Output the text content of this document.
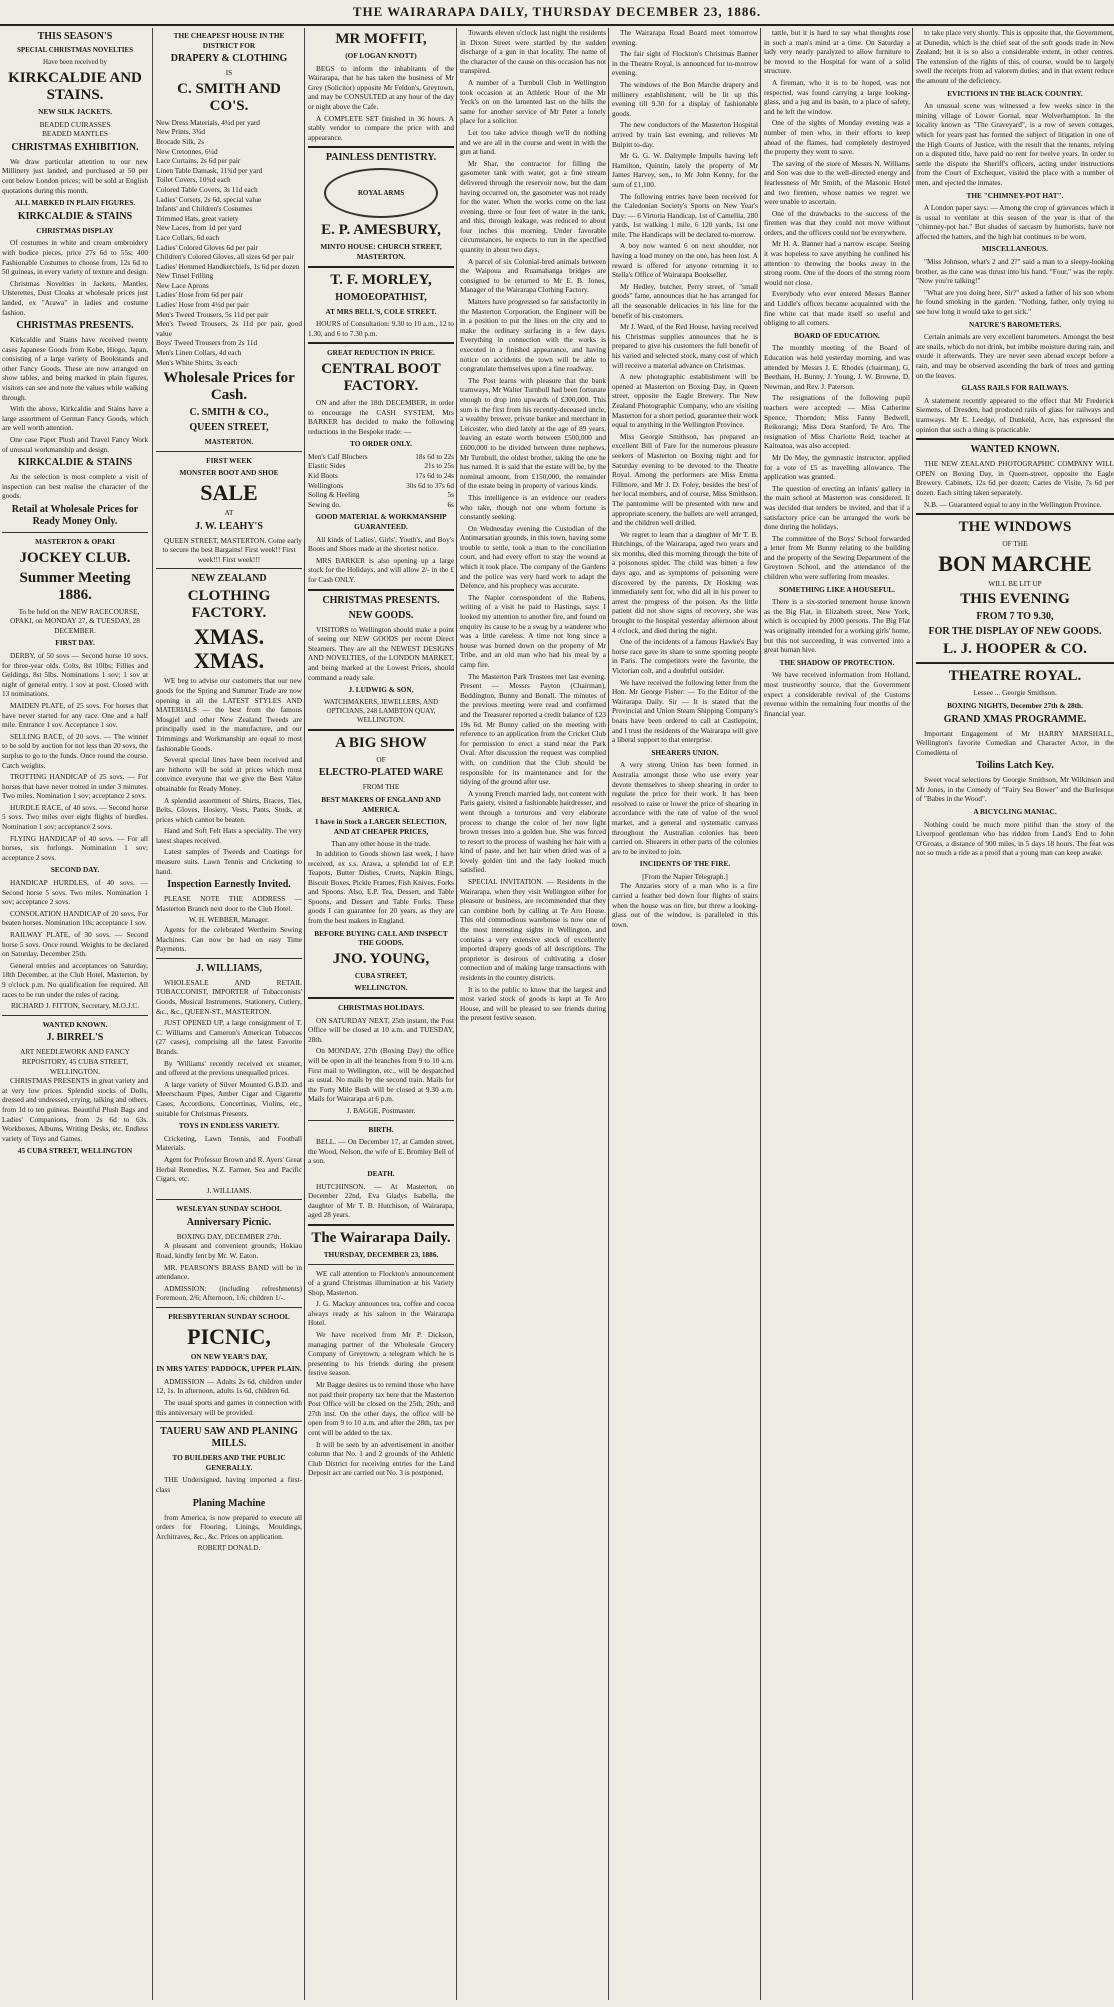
THE WAIRARAPA DAILY, THURSDAY DECEMBER 23, 1886.
THIS SEASON'S
SPECIAL CHRISTMAS NOVELTIES
Have been received by
KIRKCALDIE AND STAINS.
NEW SILK JACKETS.
BEADED CUIRASSES
BEADED MANTLES
CHRISTMAS EXHIBITION.

We draw particular attention to our new Millinery just landed, and purchased at 50 per cent below London prices; will be sold at English quotations during this month.

ALL MARKED IN PLAIN FIGURES.
KIRKCALDIE & STAINS
CHRISTMAS DISPLAY

Of costumes in white and cream embroidery with bodice pieces, price 27s 6d to 55s; 400 Fashionable Costumes to choose from, 12s 6d to 50 guineas, in every variety of texture and design.

Christmas Novelties in Jackets, Mantles, Ulsterettes, Dust Cloaks at wholesale prices just landed, ex "Arawa" in ladies and costume fashion.

CHRISTMAS PRESENTS.

Kirkcaldie and Stains have received twenty cases Japanese Goods from Kobe, Hiogo, Japan, consisting of a large variety of Bookstands and other Fancy Goods. These are now arranged on show tables, and being marked in plain figures, visitors can see and note the values while walking through.

With the above, Kirkcaldie and Stains have a large assortment of German Fancy Goods, which are well worth attention.

One case Paper Plush and Travel Fancy Work of unusual workmanship and design.

KIRKCALDIE & STAINS

As the selection is most complete a visit of inspection can best realise the character of the goods.

Retail at Wholesale Prices for Ready Money Only.
MASTERTON & OPAKI
JOCKEY CLUB.
Summer Meeting 1886.

To be held on the NEW RACECOURSE, OPAKI, on MONDAY 27, & TUESDAY, 28 DECEMBER.

FIRST DAY.

DERBY, of 50 sovs — Second horse 10 sovs, for three-year olds. Colts, 8st 10lbs; Fillies and Geldings, 8st 5lbs. Nominations 1 sov; 1 sov at night of general entry. 1 sov at post. Closed with 13 nominations.

MAIDEN PLATE, of 25 sovs. For horses that have never started for any race. One and a half mile. Entrance 1 sov. Acceptance 1 sov.

SELLING RACE, of 20 sovs. — The winner to be sold by auction for not less than 20 sovs, the surplus to go to the funds. Once round the course. Catch weights.

TROTTING HANDICAP of 25 sovs. — For horses that have never trotted in under 3 minutes. Two miles. Nomination 1 sov; acceptance 2 sovs.

HURDLE RACE, of 40 sovs. — Second horse 5 sovs. Two miles over eight flights of hurdles. Nomination 1 sov; acceptance 2 sovs.

FLYING HANDICAP of 40 sovs. — For all horses, six furlongs. Nomination 1 sov; acceptance 2 sovs.

SECOND DAY.

HANDICAP HURDLES, of 40 sovs. — Second horse 5 sovs. Two miles. Nomination 1 sov; acceptance 2 sovs.

CONSOLATION HANDICAP of 20 sovs. For beaten horses. Nomination 10s; acceptance 1 sov.

RAILWAY PLATE, of 30 sovs. — Second horse 5 sovs. Once round. Weights to be declared on Saturday, December 25th.

General entries and acceptances on Saturday, 18th December, at the Club Hotel, Masterton, by 9 o'clock p.m. No qualification fee required. All races to be run under the rules of racing.

RICHARD J. FITTON, Secretary, M.O.J.C.
WANTED KNOWN.
J. BIRREL'S
ART NEEDLEWORK AND FANCY REPOSITORY, 45 CUBA STREET, WELLINGTON.

CHRISTMAS PRESENTS in great variety and at very low prices. Splendid stocks of Dolls, dressed and undressed, crying, talking and others, from 1d to ten guineas. Beautiful Plush Bags and Ladies' Companions, from 2s 6d to 63s. Workboxes, Albums, Writing Desks, etc. Endless variety of Toys and Games.

45 CUBA STREET, WELLINGTON
THE CHEAPEST HOUSE IN THE DISTRICT FOR
DRAPERY & CLOTHING
IS
C. SMITH AND CO'S.
New Dress Materials, 4¾d per yard
New Prints, 3¾d
Brocade Silk, 2s
New Cretonnes, 6¼d
Lace Curtains, 2s 6d per pair
Linen Table Damask, 11¾d per yard
Toilet Covers, 10¾d each
Colored Table Covers, 3s 11d each
Ladies' Corsets, 2s 6d, special value
Infants' and Children's Costumes
Trimmed Hats, great variety
New Laces, from 1d per yard
Lace Collars, 6d each
Ladies' Colored Gloves 6d per pair
Children's Colored Gloves, all sizes 6d per pair
Ladies' Hemmed Handkerchiefs, 1s 6d per dozen
New Tinsel Frilling
New Lace Aprons
Ladies' Hose from 6d per pair
Ladies' Hose from 4½d per pair
Men's Tweed Trousers, 5s 11d per pair
Men's Tweed Trousers, 2s 11d per pair, good value
Boys' Tweed Trousers from 2s 11d
Men's Linen Collars, 4d each
Men's White Shirts, 3s each
Wholesale Prices for Cash.
C. SMITH & CO.,
QUEEN STREET,
MASTERTON.
FIRST WEEK
MONSTER BOOT AND SHOE
SALE
AT
J. W. LEAHY'S

QUEEN STREET, MASTERTON. Come early to secure the best Bargains! First week!! First week!!! First week!!!

NEW ZEALAND
CLOTHING FACTORY.
XMAS. XMAS.

WE beg to advise our customers that our new goods for the Spring and Summer Trade are now opening in all the LATEST STYLES AND MATERIALS — the best from the famous Mosgiel and other New Zealand Tweeds are principally used in the manufacture, and our Trimmings and Workmanship are equal to most fashionable Goods.

Several special lines have been received and are hitherto will be sold at prices which must convince everyone that we give the Best Value obtainable for Ready Money.

A splendid assortment of Shirts, Braces, Ties, Belts, Gloves, Hosiery, Vests, Pants, Studs, at prices which cannot be beaten.

Hand and Soft Felt Hats a speciality. The very latest shapes received.

Latest samples of Tweeds and Coatings for measure suits. Lawn Tennis and Cricketing to hand.

Inspection Earnestly Invited.

PLEASE NOTE THE ADDRESS — Masterton Branch next door to the Club Hotel.

W. H. WEBBER, Manager.

Agents for the celebrated Wertheim Sewing Machines. Can now be had on easy Time Payments.

J. WILLIAMS,

WHOLESALE AND RETAIL TOBACCONIST, IMPORTER of Tobacconists' Goods, Musical Instruments, Stationery, Cutlery, &c., &c., QUEEN-ST., MASTERTON.

JUST OPENED UP, a large consignment of T. C. Williams and Cameron's American Tobaccos (27 cases), comprising all the latest Favorite Brands.

By 'Williams' recently received ex steamer, and offered at the previous unequalled prices.

A large variety of Silver Mounted G.B.D. and Meerschaum Pipes, Amber Cigar and Cigarette Cases, Accordions, Concertinas, Violins, etc., suitable for Christmas Presents.

TOYS IN ENDLESS VARIETY.

Cricketing, Lawn Tennis, and Football Materials.

Agent for Professor Brown and R. Ayers' Great Herbal Remedies, N.Z. Farmer, Sea and Pacific Cigars, etc.

J. WILLIAMS.
WESLEYAN SUNDAY SCHOOL
Anniversary Picnic.
BOXING DAY, DECEMBER 27th.

A pleasant and convenient grounds, Hokiau Road, kindly lent by Mr. W. Eaton.

MR. PEARSON'S BRASS BAND will be in attendance.

ADMISSION: (including refreshments) Foremoon, 2/6; Afternoon, 1/6; children 1/-.

PRESBYTERIAN SUNDAY SCHOOL
PICNIC,
ON NEW YEAR'S DAY,
IN MRS YATES' PADDOCK, UPPER PLAIN.

ADMISSION — Adults 2s 6d, children under 12, 1s. In afternoon, adults 1s 6d, children 6d.

The usual sports and games in connection with this anniversary will be provided.

TAUERU SAW AND PLANING MILLS.
TO BUILDERS AND THE PUBLIC GENERALLY.

THE Undersigned, having imported a first-class

Planing Machine

from America, is now prepared to execute all orders for Flooring, Linings, Mouldings, Architraves, &c., &c. Prices on application.

ROBERT DONALD.
MR MOFFIT,
(OF LOGAN KNOTT)

BEGS to inform the inhabitants of the Wairarapa, that he has taken the business of Mr Grey (Solicitor) opposite Mr Feldon's, Greytown, and may be CONSULTED at any hour of the day or night above the Cafe.

A COMPLETE SET finished in 36 hours. A stably vendor to compare the price with and appearance.

PAINLESS DENTISTRY.
ROYAL ARMS
E. P. AMESBURY,
MINTO HOUSE: CHURCH STREET, MASTERTON.
T. F. MORLEY,
HOMOEOPATHIST,
AT MRS BELL'S, COLE STREET.

HOURS of Consultation: 9.30 to 10 a.m., 12 to 1.30, and 6 to 7.30 p.m.

GREAT REDUCTION IN PRICE.
CENTRAL BOOT FACTORY.

ON and after the 18th DECEMBER, in order to encourage the CASH SYSTEM, Mrs BARKER has decided to make the following reductions in the Bespoke trade: —

TO ORDER ONLY.
Men's Calf Bluchers	18s 6d to 22s
Elastic Sides	21s to 25s
Kid Boots	17s 6d to 24s
Wellingtons	30s 6d to 37s 6d
Soling & Heeling	5s
Sewing do.	6s
GOOD MATERIAL & WORKMANSHIP GUARANTEED.

All kinds of Ladies', Girls', Youth's, and Boy's Boots and Shoes made at the shortest notice.

MRS BARKER is also opening up a large stock for the Holidays, and will allow 2/- in the £ for Cash ONLY.

CHRISTMAS PRESENTS.
NEW GOODS.

VISITORS to Wellington should make a point of seeing our NEW GOODS per recent Direct Steamers. They are all the NEWEST DESIGNS AND NOVELTIES, of the LONDON MARKET, and being marked at the Lowest Prices, should command a ready sale.

J. LUDWIG & SON,
WATCHMAKERS, JEWELLERS, AND OPTICIANS, 248 LAMBTON QUAY, WELLINGTON.
A BIG SHOW
OF
ELECTRO-PLATED WARE
FROM THE
BEST MAKERS OF ENGLAND AND AMERICA.
I have in Stock a LARGER SELECTION, AND AT CHEAPER PRICES,
Than any other house in the trade.

In addition to Goods shown last week, I have received, ex s.s. Arawa, a splendid lot of E.P. Teapots, Butter Dishes, Cruets, Napkin Rings, Biscuit Boxes, Pickle Frames, Fish Knives, Forks and Spoons. Also, E.P. Tea, Dessert, and Table Spoons, and Dessert and Table Forks. These goods I can guarantee for 20 years, as they are from the best makers in England.

BEFORE BUYING CALL AND INSPECT THE GOODS.
JNO. YOUNG,
CUBA STREET,
WELLINGTON.
CHRISTMAS HOLIDAYS.

ON SATURDAY NEXT, 25th instant, the Post Office will be closed at 10 a.m. and TUESDAY, 28th.

On MONDAY, 27th (Boxing Day) the office will be open in all the branches from 9 to 10 a.m. First mail to Wellington, etc., will be despatched as usual. No mails by the second train. Mails for the Forty Mile Bush will be closed at 9.30 a.m. Mails for Wairarapa at 6 p.m.

J. BAGGE, Postmaster.
BIRTH.

BELL. — On December 17, at Camden street, the Wood, Nelson, the wife of E. Bromley Bell of a son.

DEATH.

HUTCHINSON. — At Masterton, on December 22nd, Eva Gladys Isabella, the daughter of Mr T. B. Hutchison, of Wairarapa, aged 28 years.

The Wairarapa Daily.
THURSDAY, DECEMBER 23, 1886.

WE call attention to Flockton's announcement of a grand Christmas illumination at his Variety Shop, Masterton.

J. G. Mackay announces tea, coffee and cocoa always ready at his saloon in the Wairarapa Hotel.

We have received from Mr P. Dickson, managing partner of the Wholesale Grocery Company of Greytown, a telegram which he is presenting to his friends during the present festive season.

Mr Bagge desires us to remind those who have not paid their property tax here that the Masterton Post Office will be closed on the 25th, 26th, and 27th inst. On the other days, the office will be open from 9 to 10 a.m. and after the 28th, tax per cent will be added to the tax.

It will be seen by an advertisement in another column that No. 1 and 2 grounds of the Athletic Club District for receiving entries for the Land Deposit act are carried out No. 3 is postponed.

Towards eleven o'clock last night the residents in Dixon Street were startled by the sudden discharge of a gun in that locality. The name of the character of the cause on this occasion has not transpired.

A number of a Turnbull Club in Wellington took occasion at an Athletic Hour of the Mr Yeck's on on the lamented last on the hills the same for another service of Mr Peter a lonely place for a solicitor.

Let too take advice though we'll do nothing and we are all in the course and went in with the gun at hand.

Mr Shar, the contractor for filling the gasometer tank with water, got a fine stream delivered through the reservoir now, but the dam having occurred on, the gasometer was not ready for the water. When the works come on the last evening, three or four feet of water in the tank, and this, through leakage, was reduced to about four inches this morning. Under favorable circumstances, he expects to run in the specified quantity in about two days.

A parcel of six Colonial-bred animals between the Waipoua and Ruamahanga bridges are consigned to be returned to Mr E. B. Jones, Manager of the Wairarapa Clothing Factory.

Matters have progressed so far satisfactorily in the Masterton Corporation, the Engineer will be in a position to put the lines on the city and to make the ordinary surfacing in a few days. Everything in connection with the works is executed in a finished appearance, and having notice on accidents the town will be able to congratulate themselves upon a fine roadway.

The Post learns with pleasure that the bank tramways, Mr Walter Turnbull had been fortunate enough to drop into upwards of £300,000. This sum is the first from his recently-deceased uncle, a wealthy brewer, private banker and merchant in Leicester, who died lately at the age of 89 years, leaving an estate worth between £500,000 and £600,000 to be divided between three nephews, Mr Turnbull, the oldest brother, taking the one he has named. It is said that the estate will be, by the nominal amount, from £150,000, the remainder of the estate being in property of various kinds.

This intelligence is an evidence our readers who take, though not one whom fortune is constantly seeking.

On Wednesday evening the Custodian of the Antimarsatian grounds, in this town, having some trouble to settle, took a man to the conciliation court, and had every effort to stay the wound at which it took place. The company of the Gardens and the police was very hard work to adapt the Defence, and his prophecy was accurate.

The Napier correspondent of the Rubens, writing of a visit he paid to Hastings, says: I looked my attention to another fire, and found on enquiry its cause to be a swag by a wanderer who was a little careless. A time not long since a house was burned down on the property of Mr Tribe, and an old man who had his meal by a camp fire.

The Masterton Park Trustees met last evening. Present — Messrs Payton (Chairman), Beddington, Bunny and Bonall. The minutes of the previous meeting were read and confirmed and the Treasurer reported a credit balance of £23 19s 6d. Mr Bunny called on the meeting with reference to an application from the Cricket Club for permission to erect a stand near the Park Oval. After discussion the request was complied with, on condition that the Club should be responsible for its maintenance and for the tidying of the ground after use.

A young French married lady, not content with Paris gaiety, visited a fashionable hairdresser, and went through a torturous and very elaborate process to change the color of her now light brown tresses into a golden hue. She was forced to resort to the process of washing her hair with a kind of paste, and her hair when dried was of a lovely golden tint and the lady looked much satisfied.

SPECIAL INVITATION. — Residents in the Wairarapa, when they visit Wellington either for pleasure or business, are recommended that they can combine both by calling at Te Aro House. This old commodious warehouse is now one of the most interesting sights in Wellington, and contains a very extensive stock of excellently imported drapery goods of all descriptions. The proprietor is desirous of cultivating a closer connection and of making large transactions with residents in the country districts.

It is to the public to know that the largest and most varied stock of goods is kept at Te Aro House, and will be pleased to see friends during the present festive season.

The Wairarapa Road Board meet tomorrow evening.

The fair sight of Flockton's Christmas Banner in the Theatre Royal, is announced for to-morrow evening.

The windows of the Bon Marche drapery and millinery establishment, will be lit up this evening till 9.30 for a display of fashionable goods.

The new conductors of the Masterton Hospital arrived by train last evening, and relieves Mr Bulpitt to-day.

Mr G. G. W. Dalrymple Impulls having left Hamilton, Quintin, lately the property of Mr James Harvey, sen., to Mr John Kenny, for the sum of £1,100.

The following entries have been received for the Caledonian Society's Sports on New Year's Day: — 6 Virtoria Handicap, 1st of Camellia, 280 yards, 1st walking 1 mile, 6 120 yards, 1st one mile. The Handicaps will be declared to-morrow.

A boy now wanted 6 on next shoulder, not having a load money on the one, has been lost. A reward is offered for anyone returning it to Stella's Office of Wairarapa Bookseller.

Mr Hedley, butcher, Perry street, of "small goods" fame, announces that he has arranged for all the seasonable delicacies in his line for the benefit of his customers.

Mr J. Ward, of the Red House, having received his Christmas supplies announces that he is prepared to give his customers the full benefit of his varied and selected stock, many cost of which will receive a material advance on Christmas.

A new photographic establishment will be opened at Masterton on Boxing Day, in Queen street, opposite the Eagle Brewery. The New Zealand Photographic Company, who are visiting Masterton for a short period, guarantee their work equal to anything in the Wellington Province.

Miss Georgie Smithson, has prepared an excellent Bill of Fare for the numerous pleasure seekers of Masterton on Boxing night and for Saturday evening to be devoted to the Theatre Royal. Among the performers are Miss Emma Fillmore, and Mr J. D. Foley, besides the best of her local members, and of course, Miss Smithson. The pantomime will be presented with new and appropriate scenery, the ballets are well arranged, and the children well drilled.

We regret to learn that a daughter of Mr T. B. Hutchings, of the Wairarapa, aged two years and six months, died this morning through the bite of a poisonous spider. The child was bitten a few days ago, and as symptoms of poisoning were discovered by the parents, Dr Hosking was immediately sent for, who did all in his power to arrest the progress of the poison. As the little patient did not show signs of recovery, she was brought to the hospital yesterday afternoon about 4 o'clock, and died during the night.

One of the incidents of a famous Hawke's Bay horse race gave its share to some sporting people in Paris. The competitors were the favorite, the Victorian colt, and a doubtful outsider.

We have received the following letter from the Hon. Mr George Fisher: — To the Editor of the Wairarapa Daily. Sir — It is stated that the Provincial and Union Steam Shipping Company's boats have been ordered to call at Castlepoint, and I trust the residents of the Wairarapa will give a liberal support to that enterprise.

SHEARERS UNION.

A very strong Union has been formed in Australia amongst those who use every year devote themselves to sheep shearing in order to regulate the price for their work. It has been resolved to raise or lower the price of shearing in accordance with the rate of value of the wool market, and a general and systematic canvass throughout the Australian colonies has been carried on. Shearers in other parts of the colonies are to be invited to join.

INCIDENTS OF THE FIRE.
[From the Napier Telegraph.]

The Anzaries story of a man who is a fire carried a feather bed down four flights of stairs when the house was on fire, but threw a looking-glass out of the window, is paralleled in this town.

tattle, but it is hard to say what thoughts rose in such a man's mind at a time. On Saturday a lady very nearly paralyzed to allow furniture to be moved to the Hospital for want of a solid structure.

A fireman, who it is to be hoped, was not respected, was found carrying a large looking-glass, and a jug and its basin, to a place of safety, and he left the window.

One of the sights of Monday evening was a number of men who, in their efforts to keep ahead of the flames, had completely destroyed the property they went to save.

The saving of the store of Messrs N. Williams and Son was due to the well-directed energy and fearlessness of Mr Smith, of the Masonic Hotel and two firemen, whose names we regret we were unable to ascertain.

One of the drawbacks to the success of the firemen was that they could not move without orders, and the officers could not be everywhere.

Mr H. A. Banner had a narrow escape. Seeing it was hopeless to save anything he confined his attention to throwing the books away in the strong room. One of the doors of the strong room would not close.

Everybody who ever entered Messrs Banner and Liddle's offices became acquainted with the fine white cat that made itself so useful and obliging to all comers.

BOARD OF EDUCATION.

The monthly meeting of the Board of Education was held yesterday morning, and was attended by Messrs J. E. Rhodes (chairman), G. Beetham, H. Bunny, J. Young, J. W. Browne, D. Newman, and Rev. J. Paterson.

The resignations of the following pupil teachers were accepted: — Miss Catherine Spence, Thorndon; Miss Fanny Bedwell, Reikorangi; Miss Dora Stanford, Te Aro. The resignation of Miss Charlotte Reid, teacher at Kaitoatoa, was also accepted.

Mr De Mey, the gymnastic instructor, applied for a vote of £5 as travelling allowance. The application was granted.

The question of erecting an infants' gallery in the main school at Masterton was considered. It was decided that tenders be invited, and that if a satisfactory price can be arranged the work be done during the holidays.

The committee of the Boys' School forwarded a letter from Mr Bunny relating to the building and the property of the Sewing Department of the Greytown School, and the attendance of the children who were suffering from measles.

SOMETHING LIKE A HOUSEFUL.

There is a six-storied tenement house known as the Big Flat, in Elizabeth street, New York, which is occupied by 2000 persons. The Big Flat was originally intended for a working girls' home, but this not succeeding, it was converted into a great human hive.

THE SHADOW OF PROTECTION.

We have received information from Holland, most trustworthy source, that the Government expect a considerable revival of the Customs revenue within the remaining four months of the financial year.

to take place very shortly. This is opposite that, the Government, at Dunedin, which is the chief seat of the soft goods trade in New Zealand; but it is so also a considerable extent, in other centres. The extension of the rights of this, of course, would be to largely swell the receipts from ad valorem duties, and in that extent reduce the amount of the deficiency.

EVICTIONS IN THE BLACK COUNTRY.

An unusual scene was witnessed a few weeks since in the mining village of Lower Gornal, near Wolverhampton. In the locality known as "The Graveyard", is a row of seven cottages, which for years past has formed the subject of litigation in one of the High Courts of Justice, with the result that the tenants, relying on a disputed title, have paid no rent for twelve years. In order to settle the dispute the Sheriff's officers, acting under instructions from the Court of Exchequer, visited the place with a number of men, and ejected the inmates.

THE "CHIMNEY-POT HAT".

A London paper says: — Among the crop of grievances which it is usual to ventilate at this season of the year is that of the "chimney-pot hat." But shades of sarcasm by humorists, have not affected the hatters, and the high hat continues to be worn.

MISCELLANEOUS.

"Miss Johnson, what's 2 and 2?" said a man to a sleepy-looking brother, as the cane was thrust into his hand. "Four," was the reply. "Now you're talking!"

"What are you doing here, Sir?" asked a father of his son whom he found smoking in the garden. "Nothing, father, only trying to see how long it would take to get sick."

NATURE'S BAROMETERS.

Certain animals are very excellent barometers. Amongst the best are snails, which do not drink, but imbibe moisture during rain, and exude it afterwards. They are never seen abroad except before a rain, and may be observed ascending the bark of trees and getting on the leaves.

GLASS RAILS FOR RAILWAYS.

A statement recently appeared to the effect that Mr Frederick Siemens, of Dresden, had produced rails of glass for railways and tramways. Mr E. Leedge, of Dunkeld, Acre, has expressed the opinion that such a thing is practicable.

WANTED KNOWN.

THE NEW ZEALAND PHOTOGRAPHIC COMPANY WILL OPEN on Boxing Day, in Queen-street, opposite the Eagle Brewery. Cabinets, 12s 6d per dozen; Cartes de Visite, 7s 6d per dozen. Each sitting taken separately.

N.B. — Guaranteed equal to any in the Wellington Province.

THE WINDOWS
OF THE
BON MARCHE
WILL BE LIT UP
THIS EVENING
FROM 7 TO 9.30,
FOR THE DISPLAY OF NEW GOODS.
L. J. HOOPER & CO.
THEATRE ROYAL.
Lessee ... Georgie Smithson.
BOXING NIGHTS, December 27th & 28th.
GRAND XMAS PROGRAMME.

Important Engagement of Mr HARRY MARSHALL, Wellington's favorite Comedian and Character Actor, in the Comedietta of

Toilins Latch Key.

Sweet vocal selections by Georgie Smithson, Mr Wilkinson and Mr Jones, in the Comedy of "Fairy Sea Bower" and the Burlesque of "Babes in the Wood".

A BICYCLING MANIAC.

Nothing could be much more pitiful than the story of the Liverpool gentleman who has ridden from Land's End to John O'Groats, a distance of 900 miles, in 5 days 18 hours. The feat was not so much a ride as a proof that a young man can keep awake.
